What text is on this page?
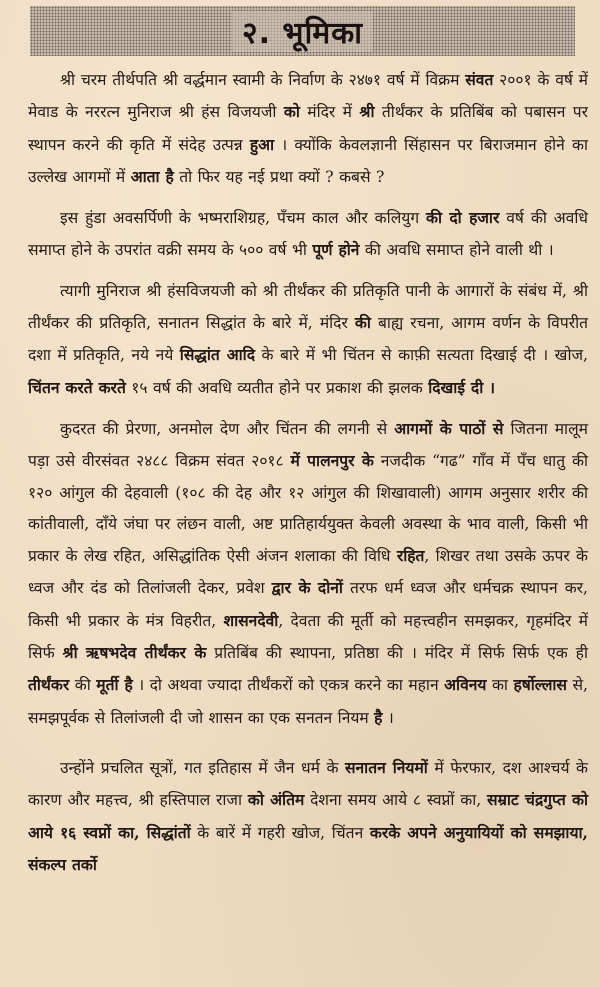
२. भूमिका

श्री चरम तीर्थपति श्री वर्द्धमान स्वामी के निर्वाण के २४७१ वर्ष में विक्रम संवत २००१ के वर्ष में मेवाड के नररत्न मुनिराज श्री हंस विजयजी को मंदिर में श्री तीर्थंकर के प्रतिबिंब को पबासन पर स्थापन करने की कृति में संदेह उत्पन्न हुआ । क्योंकि केवलज्ञानी सिंहासन पर बिराजमान होने का उल्लेख आगमों में आता है तो फिर यह नई प्रथा क्यों ? कबसे ?

इस हुंडा अवसर्पिणी के भष्मराशिग्रह, पँचम काल और कलियुग की दो हजार वर्ष की अवधि समाप्त होने के उपरांत वक्री समय के ५०० वर्ष भी पूर्ण होने की अवधि समाप्त होने वाली थी ।

त्यागी मुनिराज श्री हंसविजयजी को श्री तीर्थंकर की प्रतिकृति पानी के आगारों के संबंध में, श्री तीर्थंकर की प्रतिकृति, सनातन सिद्धांत के बारे में, मंदिर की बाह्य रचना, आगम वर्णन के विपरीत दशा में प्रतिकृति, नये नये सिद्धांत आदि के बारे में भी चिंतन से काफ़ी सत्यता दिखाई दी । खोज, चिंतन करते करते १५ वर्ष की अवधि व्यतीत होने पर प्रकाश की झलक दिखाई दी ।

कुदरत की प्रेरणा, अनमोल देण और चिंतन की लगनी से आगमों के पाठों से जितना मालूम पड़ा उसे वीरसंवत २४८८ विक्रम संवत २०१८ में पालनपुर के नजदीक “गढ” गाँव में पँच धातु की १२० आंगुल की देहवाली (१०८ की देह और १२ आंगुल की शिखावाली) आगम अनुसार शरीर की कांतीवाली, दाँये जंघा पर लंछन वाली, अष्ट प्रातिहार्ययुक्त केवली अवस्था के भाव वाली, किसी भी प्रकार के लेख रहित, असिद्धांतिक ऐसी अंजन शलाका की विधि रहित, शिखर तथा उसके ऊपर के ध्वज और दंड को तिलांजली देकर, प्रवेश द्वार के दोनों तरफ धर्म ध्वज और धर्मचक्र स्थापन कर, किसी भी प्रकार के मंत्र विहरीत, शासनदेवी, देवता की मूर्ती को महत्त्वहीन समझकर, गृहमंदिर में सिर्फ श्री ऋषभदेव तीर्थंकर के प्रतिबिंब की स्थापना, प्रतिष्ठा की । मंदिर में सिर्फ सिर्फ एक ही तीर्थंकर की मूर्ती है । दो अथवा ज्यादा तीर्थंकरों को एकत्र करने का महान अविनय का हर्षोल्लास से, समझपूर्वक से तिलांजली दी जो शासन का एक सनतन नियम है ।

उन्होंने प्रचलित सूत्रों, गत इतिहास में जैन धर्म के सनातन नियमों में फेरफार, दश आश्चर्य के कारण और महत्त्व, श्री हस्तिपाल राजा को अंतिम देशना समय आये ८ स्वप्नों का, सम्राट चंद्रगुप्त को आये १६ स्वप्नों का, सिद्धांतों के बारें में गहरी खोज, चिंतन करके अपने अनुयायियों को समझाया, संकल्प तर्को
